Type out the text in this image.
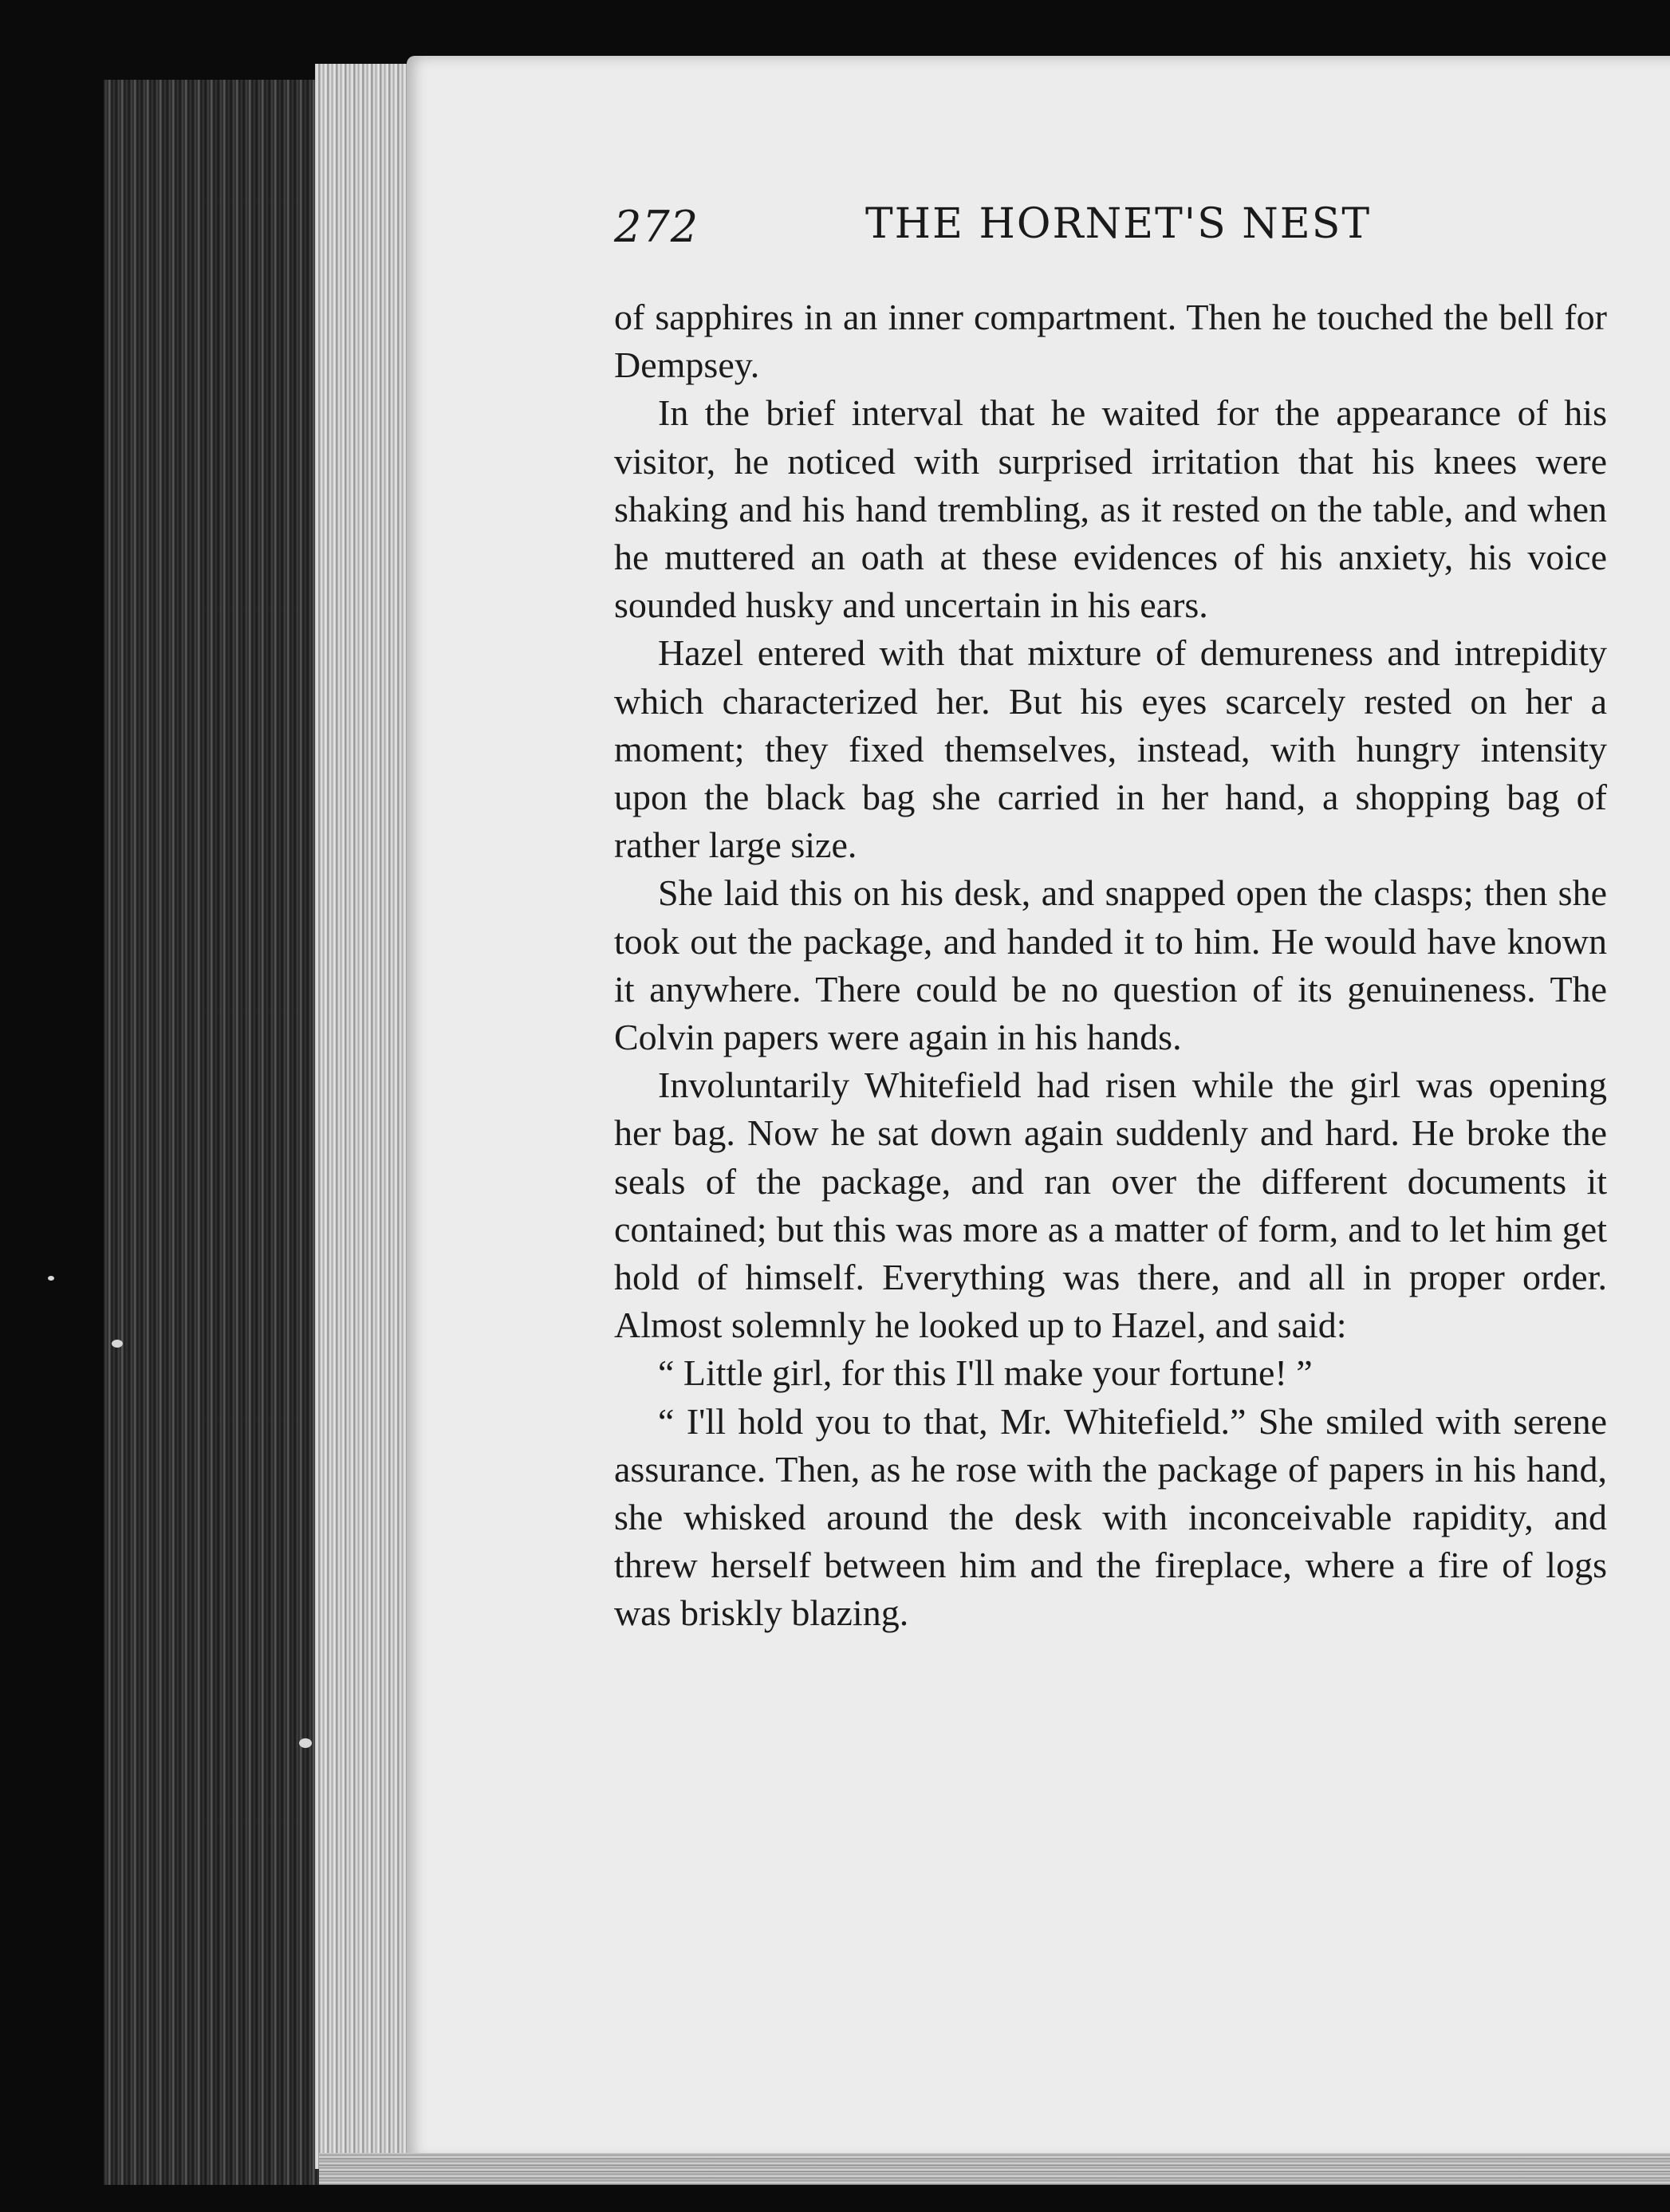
272	THE HORNET'S NEST

of sapphires in an inner compartment. Then he touched the bell for Dempsey.

In the brief interval that he waited for the appearance of his visitor, he noticed with surprised irritation that his knees were shaking and his hand trembling, as it rested on the table, and when he muttered an oath at these evidences of his anxiety, his voice sounded husky and uncertain in his ears.

Hazel entered with that mixture of demureness and intrepidity which characterized her. But his eyes scarcely rested on her a moment; they fixed themselves, instead, with hungry intensity upon the black bag she carried in her hand, a shopping bag of rather large size.

She laid this on his desk, and snapped open the clasps; then she took out the package, and handed it to him. He would have known it anywhere. There could be no question of its genuineness. The Colvin papers were again in his hands.

Involuntarily Whitefield had risen while the girl was opening her bag. Now he sat down again suddenly and hard. He broke the seals of the package, and ran over the different documents it contained; but this was more as a matter of form, and to let him get hold of himself. Everything was there, and all in proper order. Almost solemnly he looked up to Hazel, and said:

“ Little girl, for this I'll make your fortune! ”

“ I'll hold you to that, Mr. Whitefield.” She smiled with serene assurance. Then, as he rose with the package of papers in his hand, she whisked around the desk with inconceivable rapidity, and threw herself between him and the fireplace, where a fire of logs was briskly blazing.
